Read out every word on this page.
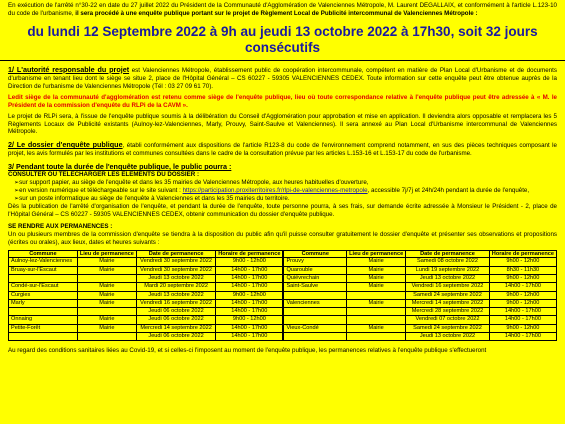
En exécution de l'arrêté n°30-22 en date du 27 juillet 2022 du Président de la Communauté d'Agglomération de Valenciennes Métropole, M. Laurent DEGALLAIX, et conformément à l'article L.123-10 du code de l'urbanisme, il sera procédé à une enquête publique portant sur le projet de Règlement Local de Publicité intercommunal de Valenciennes Métropole :

du lundi 12 Septembre 2022 à 9h au jeudi 13 octobre 2022 à 17h30, soit 32 jours consécutifs

1/ L'autorité responsable du projet est Valenciennes Métropole, établissement public de coopération intercommunale, compétent en matière de Plan Local d'Urbanisme et de documents d'urbanisme en tenant lieu dont le siège se situe 2, place de l'Hôpital Général – CS 60227 - 59305 VALENCIENNES CEDEX. Toute information sur cette enquête peut être obtenue auprès de la Direction de l'urbanisme de Valenciennes Métropole (Tél : 03 27 09 61 70).

Ledit siège de la communauté d'agglomération est retenu comme siège de l'enquête publique, lieu où toute correspondance relative à l'enquête publique peut être adressée à « M. le Président de la commission d'enquête du RLPi de la CAVM ».

Le projet de RLPi sera, à l'issue de l'enquête publique soumis à la délibération du Conseil d'Agglomération pour approbation et mise en application. Il deviendra alors opposable et remplacera les 5 Règlements Locaux de Publicité existants (Aulnoy-lez-Valenciennes, Marly, Prouvy, Saint-Saulve et Valenciennes). Il sera annexé au Plan Local d'Urbanisme intercommunal de Valenciennes Métropole.

2/ Le dossier d'enquête publique, établi conformément aux dispositions de l'article R123-8 du code de l'environnement comprend notamment, en sus des pièces techniques composant le projet, les avis formulés par les institutions et communes consultées dans le cadre de la consultation prévue par les articles L.153-16 et L.153-17 du code de l'urbanisme.

3/ Pendant toute la durée de l'enquête publique, le public pourra :

CONSULTER OU TELECHARGER LES ELEMENTS DU DOSSIER :

➢sur support papier, au siège de l'enquête et dans les 35 mairies de Valenciennes Métropole, aux heures habituelles d'ouverture,

➢en version numérique et téléchargeable sur le site suivant : https://participation.proxiterritoires.fr/rlpi-de-valenciennes-metropole, accessible 7j/7j et 24h/24h pendant la durée de l'enquête,

➢sur un poste informatique au siège de l'enquête à Valenciennes et dans les 35 mairies du territoire.

Dès la publication de l'arrêté d'organisation de l'enquête, et pendant la durée de l'enquête, toute personne pourra, à ses frais, sur demande écrite adressée à Monsieur le Président - 2, place de l'Hôpital Général – CS 60227 - 59305 VALENCIENNES CEDEX, obtenir communication du dossier d'enquête publique.

SE RENDRE AUX PERMANENCES :

Un ou plusieurs membres de la commission d'enquête se tiendra à la disposition du public afin qu'il puisse consulter gratuitement le dossier d'enquête et présenter ses observations et propositions (écrites ou orales), aux lieux, dates et heures suivants :

Commune	Lieu de permanence	Date de permanence	Horaire de permanence
Aulnoy-lez-Valenciennes	Mairie	Vendredi 30 septembre 2022	9h00 - 12h00
Bruay-sur-l'Escaut	Mairie	Vendredi 30 septembre 2022	14h00 - 17h00
		Jeudi 13 octobre 2022	14h00 - 17h00
Condé-sur-l'Escaut	Mairie	Mardi 20 septembre 2022	14h00 - 17h00
Curgies	Mairie	Jeudi 13 octobre 2022	9h00 - 12h00
Marly	Mairie	Vendredi 16 septembre 2022	14h00 - 17h00
		Jeudi 06 octobre 2022	14h00 - 17h00
Onnaing	Mairie	Jeudi 06 octobre 2022	9h00 - 12h00
Petite-Forêt	Mairie	Mercredi 14 septembre 2022	14h00 - 17h00
		Jeudi 06 octobre 2022	14h00 - 17h00
Commune	Lieu de permanence	Date de permanence	Horaire de permanence
Prouvy	Mairie	Samedi 08 octobre 2022	9h00 - 12h00
Quarouble	Mairie	Lundi 19 septembre 2022	8h30 - 11h30
Quiévrechain	Mairie	Jeudi 13 octobre 2022	9h00 - 12h00
Saint-Saulve	Mairie	Vendredi 16 septembre 2022	14h00 - 17h00
		Samedi 24 septembre 2022	9h00 - 12h00
Valenciennes	Mairie	Mercredi 14 septembre 2022	9h00 - 12h00
		Mercredi 28 septembre 2022	14h00 - 17h00
		Vendredi 07 octobre 2022	14h00 - 17h00
Vieux-Condé	Mairie	Samedi 24 septembre 2022	9h00 - 12h00
		Jeudi 13 octobre 2022	14h00 - 17h00

Au regard des conditions sanitaires liées au Covid-19, et si celles-ci l'imposent au moment de l'enquête publique, les permanences relatives à l'enquête publique s'effectueront
